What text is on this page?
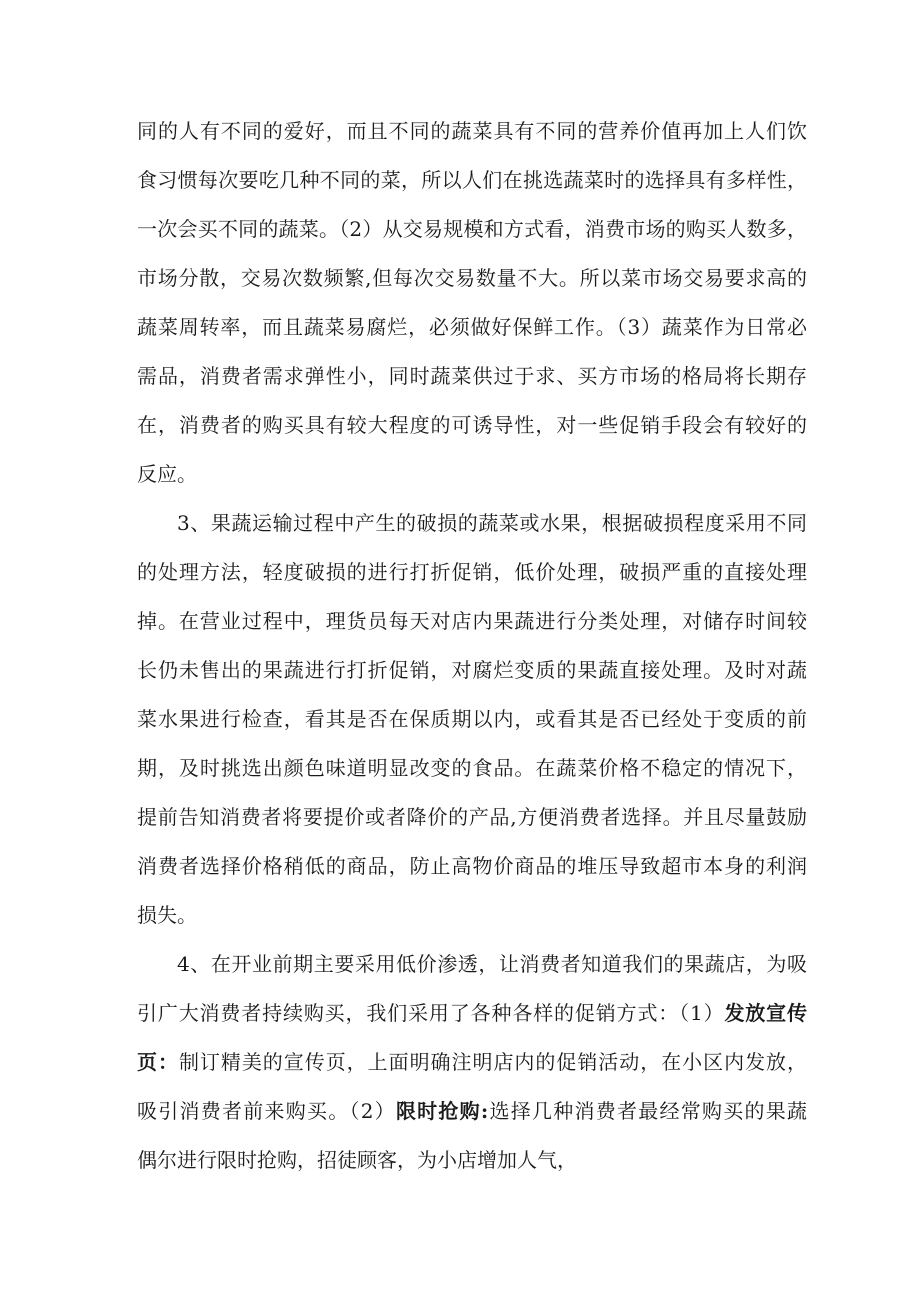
同的人有不同的爱好，而且不同的蔬菜具有不同的营养价值再加上人们饮
食习惯每次要吃几种不同的菜，所以人们在挑选蔬菜时的选择具有多样性，
一次会买不同的蔬菜。（2）从交易规模和方式看，消费市场的购买人数多，
市场分散，交易次数频繁,但每次交易数量不大。所以菜市场交易要求高的
蔬菜周转率，而且蔬菜易腐烂，必须做好保鲜工作。（3）蔬菜作为日常必
需品，消费者需求弹性小，同时蔬菜供过于求、买方市场的格局将长期存
在，消费者的购买具有较大程度的可诱导性，对一些促销手段会有较好的
反应。
3、果蔬运输过程中产生的破损的蔬菜或水果，根据破损程度采用不同
的处理方法，轻度破损的进行打折促销，低价处理，破损严重的直接处理
掉。在营业过程中，理货员每天对店内果蔬进行分类处理，对储存时间较
长仍未售出的果蔬进行打折促销，对腐烂变质的果蔬直接处理。及时对蔬
菜水果进行检查，看其是否在保质期以内，或看其是否已经处于变质的前
期，及时挑选出颜色味道明显改变的食品。在蔬菜价格不稳定的情况下，
提前告知消费者将要提价或者降价的产品,方便消费者选择。并且尽量鼓励
消费者选择价格稍低的商品，防止高物价商品的堆压导致超市本身的利润
损失。
4、在开业前期主要采用低价渗透，让消费者知道我们的果蔬店，为吸
引广大消费者持续购买，我们采用了各种各样的促销方式：（1）发放宣传
页：制订精美的宣传页，上面明确注明店内的促销活动，在小区内发放，
吸引消费者前来购买。（2）限时抢购:选择几种消费者最经常购买的果蔬
偶尔进行限时抢购，招徒顾客，为小店增加人气，
